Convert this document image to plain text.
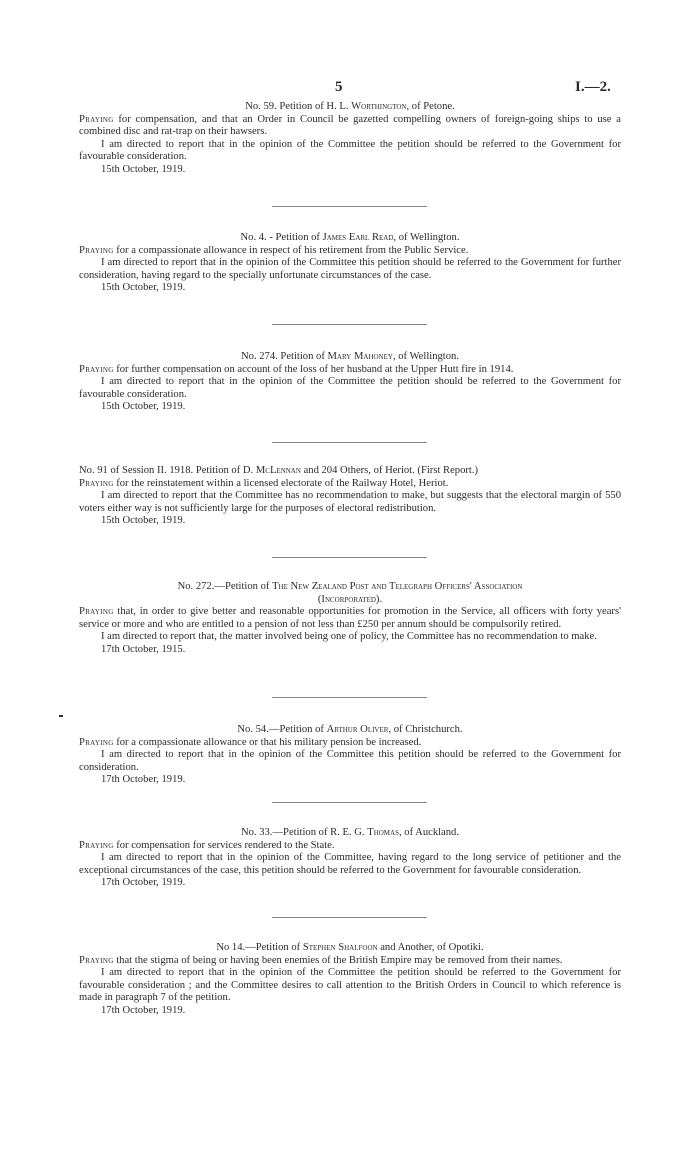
5	I.—2.
No. 59. Petition of H. L. Worthington, of Petone.

Praying for compensation, and that an Order in Council be gazetted compelling owners of foreign-going ships to use a combined disc and rat-trap on their hawsers.

I am directed to report that in the opinion of the Committee the petition should be referred to the Government for favourable consideration.

15th October, 1919.
No. 4. - Petition of James Earl Read, of Wellington.

Praying for a compassionate allowance in respect of his retirement from the Public Service.

I am directed to report that in the opinion of the Committee this petition should be referred to the Government for further consideration, having regard to the specially unfortunate circumstances of the case.

15th October, 1919.
No. 274. Petition of Mary Mahoney, of Wellington.

Praying for further compensation on account of the loss of her husband at the Upper Hutt fire in 1914.

I am directed to report that in the opinion of the Committee the petition should be referred to the Government for favourable consideration.

15th October, 1919.
No. 91 of Session II. 1918. Petition of D. McLennan and 204 Others, of Heriot. (First Report.)

Praying for the reinstatement within a licensed electorate of the Railway Hotel, Heriot.

I am directed to report that the Committee has no recommendation to make, but suggests that the electoral margin of 550 voters either way is not sufficiently large for the purposes of electoral redistribution.

15th October, 1919.
No. 272.—Petition of The New Zealand Post and Telegraph Officers' Association
(Incorporated).

Praying that, in order to give better and reasonable opportunities for promotion in the Service, all officers with forty years' service or more and who are entitled to a pension of not less than £250 per annum should be compulsorily retired.

I am directed to report that, the matter involved being one of policy, the Committee has no recommendation to make.

17th October, 1915.
No. 54.—Petition of Arthur Oliver, of Christchurch.

Praying for a compassionate allowance or that his military pension be increased.

I am directed to report that in the opinion of the Committee this petition should be referred to the Government for consideration.

17th October, 1919.
No. 33.—Petition of R. E. G. Thomas, of Auckland.

Praying for compensation for services rendered to the State.

I am directed to report that in the opinion of the Committee, having regard to the long service of petitioner and the exceptional circumstances of the case, this petition should be referred to the Government for favourable consideration.

17th October, 1919.
No 14.—Petition of Stephen Shalfoon and Another, of Opotiki.

Praying that the stigma of being or having been enemies of the British Empire may be removed from their names.

I am directed to report that in the opinion of the Committee the petition should be referred to the Government for favourable consideration ; and the Committee desires to call attention to the British Orders in Council to which reference is made in paragraph 7 of the petition.

17th October, 1919.
